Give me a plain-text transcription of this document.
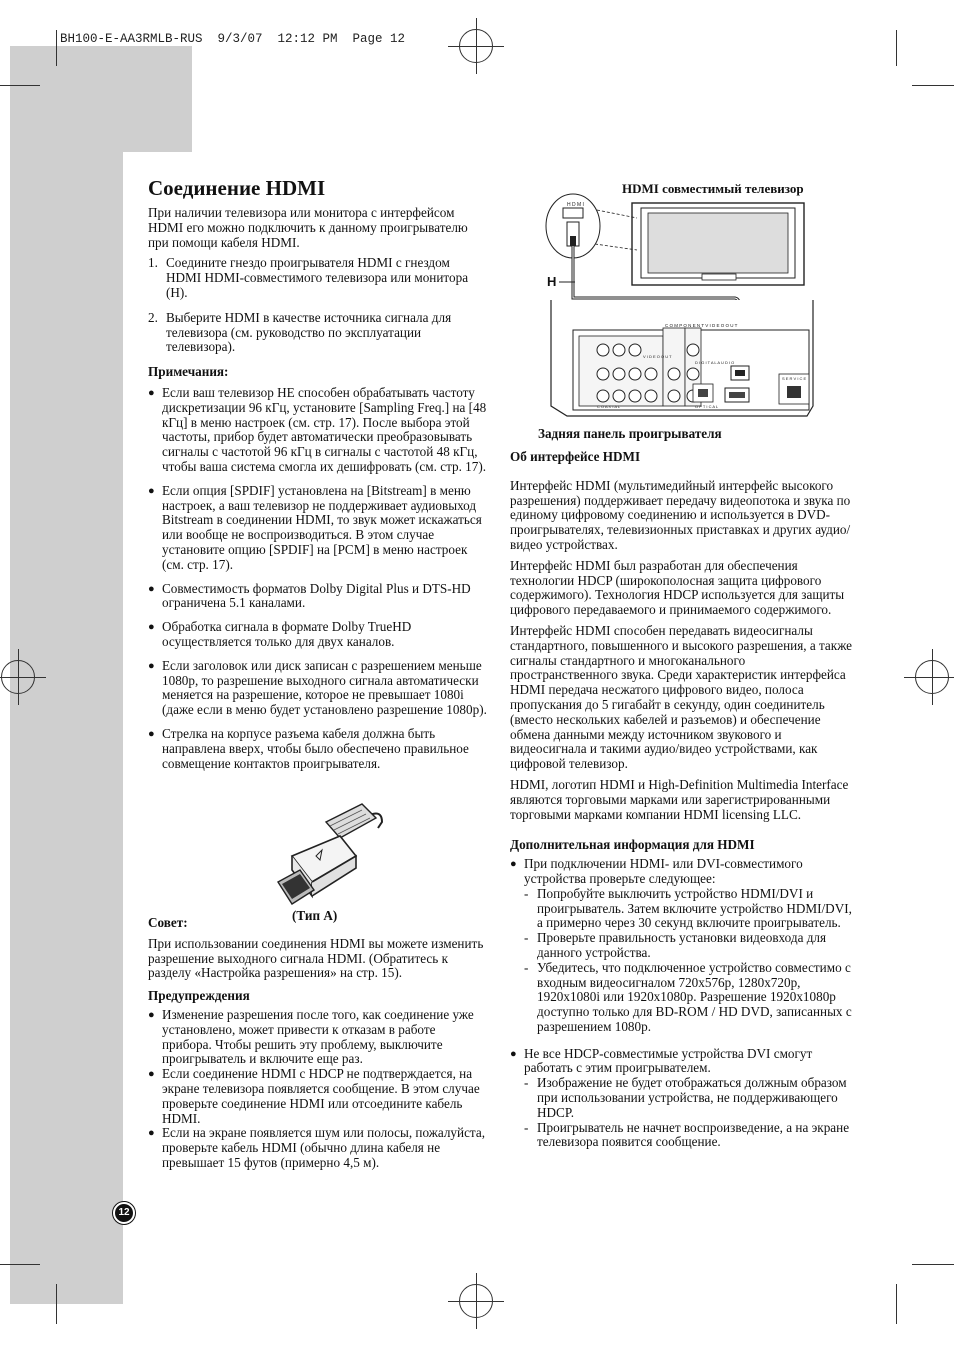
BH100-E-AA3RMLB-RUS  9/3/07  12:12 PM  Page 12
Соединение HDMI
При наличии телевизора или монитора с интерфейсом HDMI его можно подключить к данному проигрывателю при помощи кабеля HDMI.
1. Соедините гнездо проигрывателя HDMI с гнездом HDMI HDMI-совместимого телевизора или монитора (H).
2. Выберите HDMI в качестве источника сигнала для телевизора (см. руководство по эксплуатации телевизора).
Примечания:
● Если ваш телевизор НЕ способен обрабатывать частоту дискретизации 96 кГц, установите [Sampling Freq.] на [48 кГц] в меню настроек (см. стр. 17). После выбора этой частоты, прибор будет автоматически преобразовывать сигналы с частотой 96 кГц в сигналы с частотой 48 кГц, чтобы ваша система смогла их дешифровать (см. стр. 17).
● Если опция [SPDIF] установлена на [Bitstream] в меню настроек, а ваш телевизор не поддерживает аудиовыход Bitstream в соединении HDMI, то звук может искажаться или вообще не воспроизводиться. В этом случае установите опцию [SPDIF] на [PCM] в меню настроек (см. стр. 17).
● Совместимость форматов Dolby Digital Plus и DTS-HD ограничена 5.1 каналами.
● Обработка сигнала в формате Dolby TrueHD осуществляется только для двух каналов.
● Если заголовок или диск записан с разрешением меньше 1080p, то разрешение выходного сигнала автоматически меняется на разрешение, которое не превышает 1080i (даже если в меню будет установлено разрешение 1080p).
● Стрелка на корпусе разъема кабеля должна быть направлена вверх, чтобы было обеспечено правильное совмещение контактов проигрывателя.
(Тип A)
Совет:
При использовании соединения HDMI вы можете изменить разрешение выходного сигнала HDMI. (Обратитесь к разделу «Настройка разрешения» на стр. 15).
Предупреждения
● Изменение разрешения после того, как соединение уже установлено, может привести к отказам в работе прибора. Чтобы решить эту проблему, выключите проигрыватель и включите еще раз.
● Если соединение HDMI с HDCP не подтверждается, на экране телевизора появляется сообщение. В этом случае проверьте соединение HDMI или отсоедините кабель HDMI.
● Если на экране появляется шум или полосы, пожалуйста, проверьте кабель HDMI (обычно длина кабеля не превышает 15 футов (примерно 4,5 м).
HDMI совместимый телевизор
C O M P O N E N T V I D E O O U T
V I D E O O U T
O P T I C A L
C O A X I A L
S E R V I C E
D I G I T A L A U D I O
H D M I
H
Задняя панель проигрывателя
Об интерфейсе HDMI
Интерфейс HDMI (мультимедийный интерфейс высокого разрешения) поддерживает передачу видеопотока и звука по единому цифровому соединению и используется в DVD-проигрывателях, телевизионных приставках и других аудио/видео устройствах.
Интерфейс HDMI был разработан для обеспечения технологии HDCP (широкополосная защита цифрового содержимого). Технология HDCP используется для защиты цифрового передаваемого и принимаемого содержимого.
Интерфейс HDMI способен передавать видеосигналы стандартного, повышенного и высокого разрешения, а также сигналы стандартного и многоканального пространственного звука. Среди характеристик интерфейса HDMI передача несжатого цифрового видео, полоса пропускания до 5 гигабайт в секунду, один соединитель (вместо нескольких кабелей и разъемов) и обеспечение обмена данными между источником звукового и видеосигнала и такими аудио/видео устройствами, как цифровой телевизор.
HDMI, логотип HDMI и High-Definition Multimedia Interface являются торговыми марками или зарегистрированными торговыми марками компании HDMI licensing LLC.
Дополнительная информация для HDMI
● При подключении HDMI- или DVI-совместимого устройства проверьте следующее:
- Попробуйте выключить устройство HDMI/DVI и проигрыватель. Затем включите устройство HDMI/DVI, а примерно через 30 секунд включите проигрыватель.
- Проверьте правильность установки видеовхода для данного устройства.
- Убедитесь, что подключенное устройство совместимо с входным видеосигналом 720x576p, 1280x720p, 1920x1080i или 1920x1080p. Разрешение 1920x1080p доступно только для BD-ROM / HD DVD, записанных с разрешением 1080p.
● Не все HDCP-совместимые устройства DVI смогут работать с этим проигрывателем.
- Изображение не будет отображаться должным образом при использовании устройства, не поддерживающего HDCP.
- Проигрыватель не начнет воспроизведение, а на экране телевизора появится сообщение.
12
